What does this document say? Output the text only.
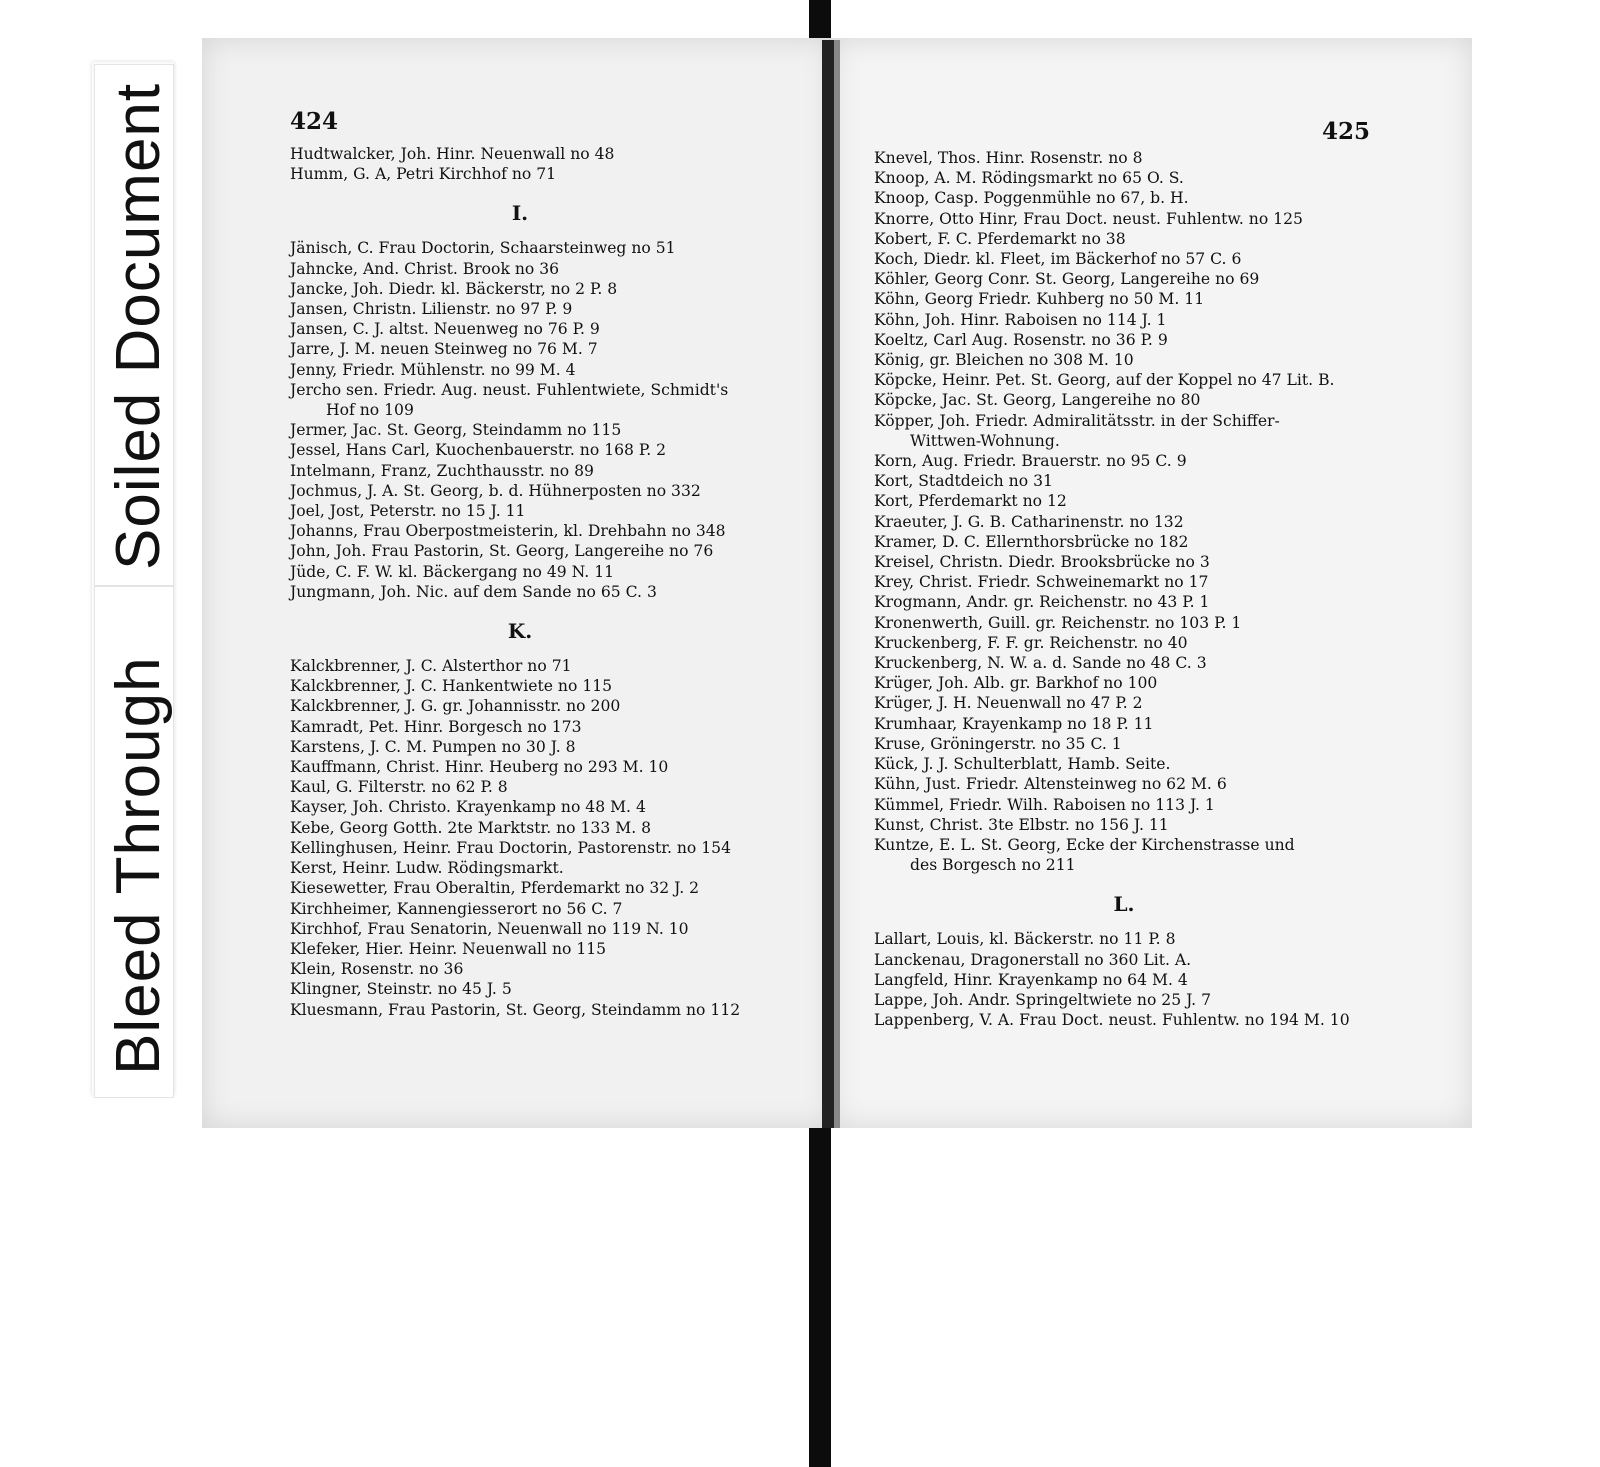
Soiled Document
Bleed Through
424
Hudtwalcker, Joh. Hinr. Neuenwall no 48
Humm, G. A, Petri Kirchhof no 71
I.
Jänisch, C. Frau Doctorin, Schaarsteinweg no 51
Jahncke, And. Christ. Brook no 36
Jancke, Joh. Diedr. kl. Bäckerstr, no 2 P. 8
Jansen, Christn. Lilienstr. no 97 P. 9
Jansen, C. J. altst. Neuenweg no 76 P. 9
Jarre, J. M. neuen Steinweg no 76 M. 7
Jenny, Friedr. Mühlenstr. no 99 M. 4
Jercho sen. Friedr. Aug. neust. Fuhlentwiete, Schmidt's
Hof no 109
Jermer, Jac. St. Georg, Steindamm no 115
Jessel, Hans Carl, Kuochenbauerstr. no 168 P. 2
Intelmann, Franz, Zuchthausstr. no 89
Jochmus, J. A. St. Georg, b. d. Hühnerposten no 332
Joel, Jost, Peterstr. no 15 J. 11
Johanns, Frau Oberpostmeisterin, kl. Drehbahn no 348
John, Joh. Frau Pastorin, St. Georg, Langereihe no 76
Jüde, C. F. W. kl. Bäckergang no 49 N. 11
Jungmann, Joh. Nic. auf dem Sande no 65 C. 3
K.
Kalckbrenner, J. C. Alsterthor no 71
Kalckbrenner, J. C. Hankentwiete no 115
Kalckbrenner, J. G. gr. Johannisstr. no 200
Kamradt, Pet. Hinr. Borgesch no 173
Karstens, J. C. M. Pumpen no 30 J. 8
Kauffmann, Christ. Hinr. Heuberg no 293 M. 10
Kaul, G. Filterstr. no 62 P. 8
Kayser, Joh. Christo. Krayenkamp no 48 M. 4
Kebe, Georg Gotth. 2te Marktstr. no 133 M. 8
Kellinghusen, Heinr. Frau Doctorin, Pastorenstr. no 154
Kerst, Heinr. Ludw. Rödingsmarkt.
Kiesewetter, Frau Oberaltin, Pferdemarkt no 32 J. 2
Kirchheimer, Kannengiesserort no 56 C. 7
Kirchhof, Frau Senatorin, Neuenwall no 119 N. 10
Klefeker, Hier. Heinr. Neuenwall no 115
Klein, Rosenstr. no 36
Klingner, Steinstr. no 45 J. 5
Kluesmann, Frau Pastorin, St. Georg, Steindamm no 112
425
Knevel, Thos. Hinr. Rosenstr. no 8
Knoop, A. M. Rödingsmarkt no 65 O. S.
Knoop, Casp. Poggenmühle no 67, b. H.
Knorre, Otto Hinr, Frau Doct. neust. Fuhlentw. no 125
Kobert, F. C. Pferdemarkt no 38
Koch, Diedr. kl. Fleet, im Bäckerhof no 57 C. 6
Köhler, Georg Conr. St. Georg, Langereihe no 69
Köhn, Georg Friedr. Kuhberg no 50 M. 11
Köhn, Joh. Hinr. Raboisen no 114 J. 1
Koeltz, Carl Aug. Rosenstr. no 36 P. 9
König, gr. Bleichen no 308 M. 10
Köpcke, Heinr. Pet. St. Georg, auf der Koppel no 47 Lit. B.
Köpcke, Jac. St. Georg, Langereihe no 80
Köpper, Joh. Friedr. Admiralitätsstr. in der Schiffer-
Wittwen-Wohnung.
Korn, Aug. Friedr. Brauerstr. no 95 C. 9
Kort, Stadtdeich no 31
Kort, Pferdemarkt no 12
Kraeuter, J. G. B. Catharinenstr. no 132
Kramer, D. C. Ellernthorsbrücke no 182
Kreisel, Christn. Diedr. Brooksbrücke no 3
Krey, Christ. Friedr. Schweinemarkt no 17
Krogmann, Andr. gr. Reichenstr. no 43 P. 1
Kronenwerth, Guill. gr. Reichenstr. no 103 P. 1
Kruckenberg, F. F. gr. Reichenstr. no 40
Kruckenberg, N. W. a. d. Sande no 48 C. 3
Krüger, Joh. Alb. gr. Barkhof no 100
Krüger, J. H. Neuenwall no 47 P. 2
Krumhaar, Krayenkamp no 18 P. 11
Kruse, Gröningerstr. no 35 C. 1
Kück, J. J. Schulterblatt, Hamb. Seite.
Kühn, Just. Friedr. Altensteinweg no 62 M. 6
Kümmel, Friedr. Wilh. Raboisen no 113 J. 1
Kunst, Christ. 3te Elbstr. no 156 J. 11
Kuntze, E. L. St. Georg, Ecke der Kirchenstrasse und
des Borgesch no 211
L.
Lallart, Louis, kl. Bäckerstr. no 11 P. 8
Lanckenau, Dragonerstall no 360 Lit. A.
Langfeld, Hinr. Krayenkamp no 64 M. 4
Lappe, Joh. Andr. Springeltwiete no 25 J. 7
Lappenberg, V. A. Frau Doct. neust. Fuhlentw. no 194 M. 10
